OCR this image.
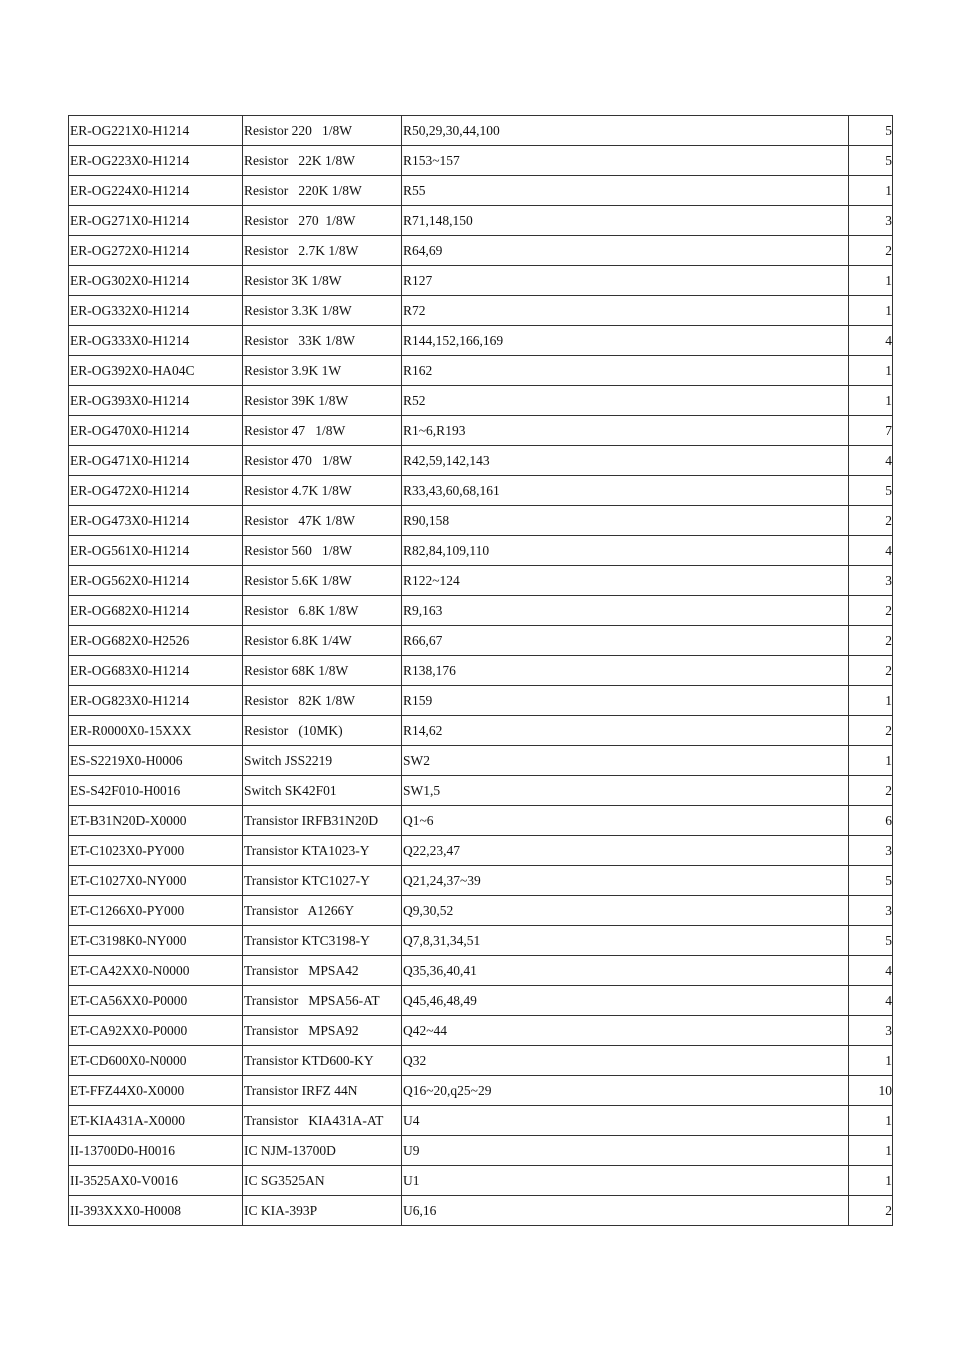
ER-OG221X0-H1214	Resistor 220   1/8W	R50,29,30,44,100	5
ER-OG223X0-H1214	Resistor   22K 1/8W	R153~157	5
ER-OG224X0-H1214	Resistor   220K 1/8W	R55	1
ER-OG271X0-H1214	Resistor   270  1/8W	R71,148,150	3
ER-OG272X0-H1214	Resistor   2.7K 1/8W	R64,69	2
ER-OG302X0-H1214	Resistor 3K 1/8W	R127	1
ER-OG332X0-H1214	Resistor 3.3K 1/8W	R72	1
ER-OG333X0-H1214	Resistor   33K 1/8W	R144,152,166,169	4
ER-OG392X0-HA04C	Resistor 3.9K 1W	R162	1
ER-OG393X0-H1214	Resistor 39K 1/8W	R52	1
ER-OG470X0-H1214	Resistor 47   1/8W	R1~6,R193	7
ER-OG471X0-H1214	Resistor 470   1/8W	R42,59,142,143	4
ER-OG472X0-H1214	Resistor 4.7K 1/8W	R33,43,60,68,161	5
ER-OG473X0-H1214	Resistor   47K 1/8W	R90,158	2
ER-OG561X0-H1214	Resistor 560   1/8W	R82,84,109,110	4
ER-OG562X0-H1214	Resistor 5.6K 1/8W	R122~124	3
ER-OG682X0-H1214	Resistor   6.8K 1/8W	R9,163	2
ER-OG682X0-H2526	Resistor 6.8K 1/4W	R66,67	2
ER-OG683X0-H1214	Resistor 68K 1/8W	R138,176	2
ER-OG823X0-H1214	Resistor   82K 1/8W	R159	1
ER-R0000X0-15XXX	Resistor   (10MK)	R14,62	2
ES-S2219X0-H0006	Switch JSS2219	SW2	1
ES-S42F010-H0016	Switch SK42F01	SW1,5	2
ET-B31N20D-X0000	Transistor IRFB31N20D	Q1~6	6
ET-C1023X0-PY000	Transistor KTA1023-Y	Q22,23,47	3
ET-C1027X0-NY000	Transistor KTC1027-Y	Q21,24,37~39	5
ET-C1266X0-PY000	Transistor   A1266Y	Q9,30,52	3
ET-C3198K0-NY000	Transistor KTC3198-Y	Q7,8,31,34,51	5
ET-CA42XX0-N0000	Transistor   MPSA42	Q35,36,40,41	4
ET-CA56XX0-P0000	Transistor   MPSA56-AT	Q45,46,48,49	4
ET-CA92XX0-P0000	Transistor   MPSA92	Q42~44	3
ET-CD600X0-N0000	Transistor KTD600-KY	Q32	1
ET-FFZ44X0-X0000	Transistor IRFZ 44N	Q16~20,q25~29	10
ET-KIA431A-X0000	Transistor   KIA431A-AT	U4	1
II-13700D0-H0016	IC NJM-13700D	U9	1
II-3525AX0-V0016	IC SG3525AN	U1	1
II-393XXX0-H0008	IC KIA-393P	U6,16	2
